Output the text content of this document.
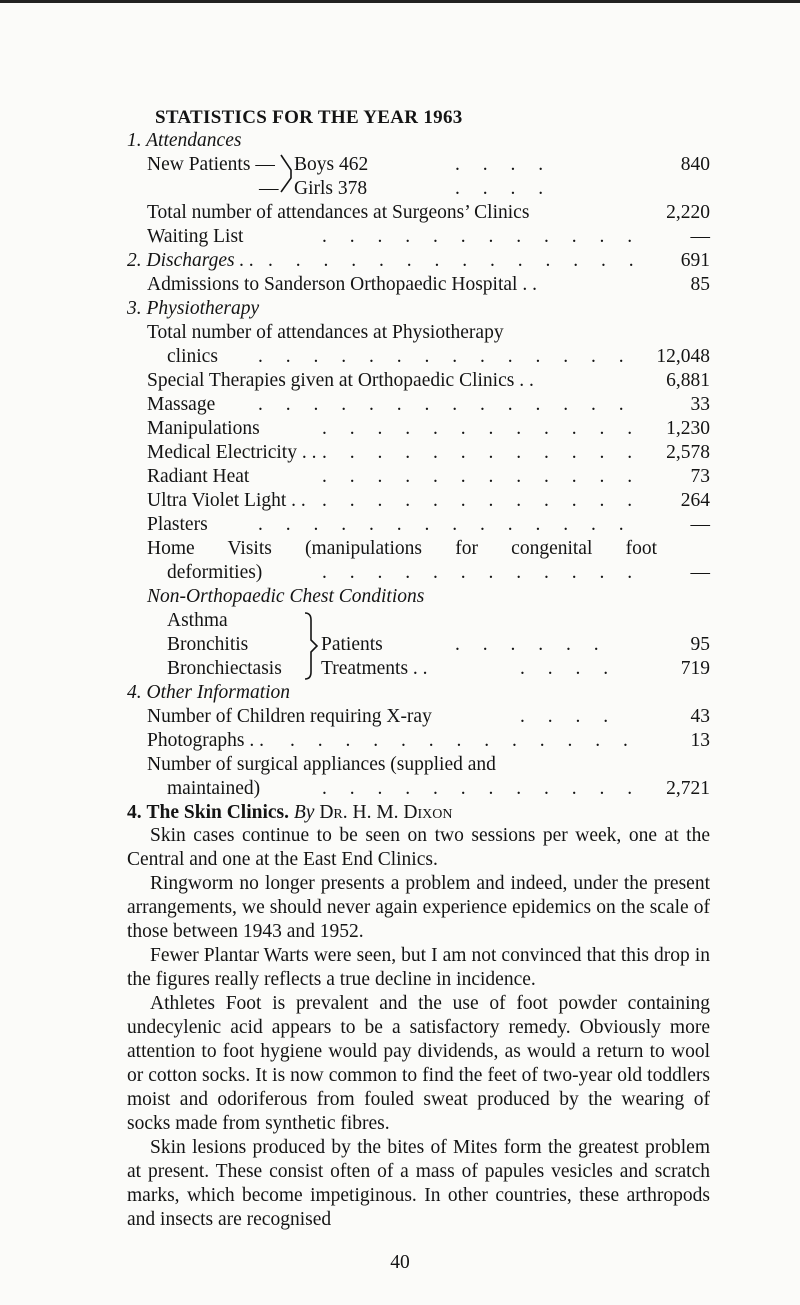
STATISTICS FOR THE YEAR 1963
1. Attendances
New Patients — Boys 462	. . . .	840
— Girls 378	. . . .
Total number of attendances at Surgeons’ Clinics	2,220
Waiting List	. . . . . . . . . . . .	—
2. Discharges . . . . . . . . . . . . . . . . 691
Admissions to Sanderson Orthopaedic Hospital . .	85
3. Physiotherapy
Total number of attendances at Physiotherapy
clinics . . . . . . . . . . . . . . 12,048
Special Therapies given at Orthopaedic Clinics . .	6,881
Massage . . . . . . . . . . . . . .	33
Manipulations	. . . . . . . . . . . . 1,230
Medical Electricity . . . . . . . . . . . . . . 2,578
Radiant Heat	. . . . . . . . . . . .	73
Ultra Violet Light . . . . . . . . . . . . . . 264
Plasters	. . . . . . . . . . . . . .	—
Home Visits (manipulations for congenital foot
deformities)	. . . . . . . . . . . .	—
Non-Orthopaedic Chest Conditions
Asthma
Bronchitis
Bronchiectasis
Patients	. . . . . .	95
Treatments . .	. . . .	719
4. Other Information
Number of Children requiring X-ray	. . . .	43
Photographs . . . . . . . . . . . . . . .	13
Number of surgical appliances (supplied and
maintained)	. . . . . . . . . . . . 2,721
4. The Skin Clinics. By Dr. H. M. Dixon

Skin cases continue to be seen on two sessions per week, one at the Central and one at the East End Clinics.

Ringworm no longer presents a problem and indeed, under the present arrangements, we should never again experience epidemics on the scale of those between 1943 and 1952.

Fewer Plantar Warts were seen, but I am not convinced that this drop in the figures really reflects a true decline in incidence.

Athletes Foot is prevalent and the use of foot powder containing undecylenic acid appears to be a satisfactory remedy. Obviously more attention to foot hygiene would pay dividends, as would a return to wool or cotton socks. It is now common to find the feet of two-year old toddlers moist and odoriferous from fouled sweat produced by the wearing of socks made from synthetic fibres.

Skin lesions produced by the bites of Mites form the greatest problem at present. These consist often of a mass of papules vesicles and scratch marks, which become impetiginous. In other countries, these arthropods and insects are recognised

40
